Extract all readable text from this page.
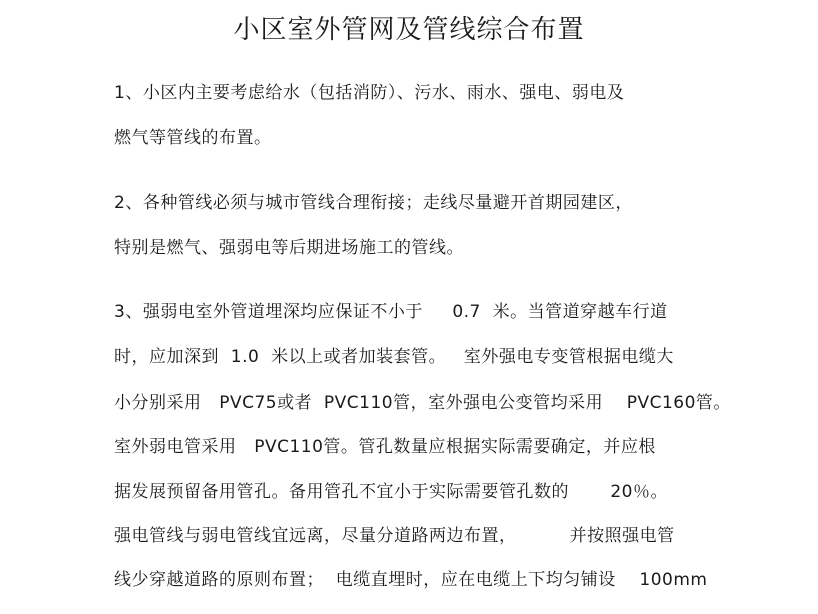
小区室外管网及管线综合布置
1、小区内主要考虑给水（包括消防）、污水、雨水、强电、弱电及
燃气等管线的布置。
2、各种管线必须与城市管线合理衔接；走线尽量避开首期园建区，
特别是燃气、强弱电等后期进场施工的管线。
3、强弱电室外管道埋深均应保证不小于     0.7  米。当管道穿越车行道
时，应加深到  1.0  米以上或者加装套管。   室外强电专变管根据电缆大
小分别采用   PVC75或者  PVC110管，室外强电公变管均采用    PVC160管。
室外弱电管采用   PVC110管。管孔数量应根据实际需要确定，并应根
据发展预留备用管孔。备用管孔不宜小于实际需要管孔数的       20％。
强电管线与弱电管线宜远离，尽量分道路两边布置，         并按照强电管
线少穿越道路的原则布置；  电缆直埋时，应在电缆上下均匀铺设    100mm
